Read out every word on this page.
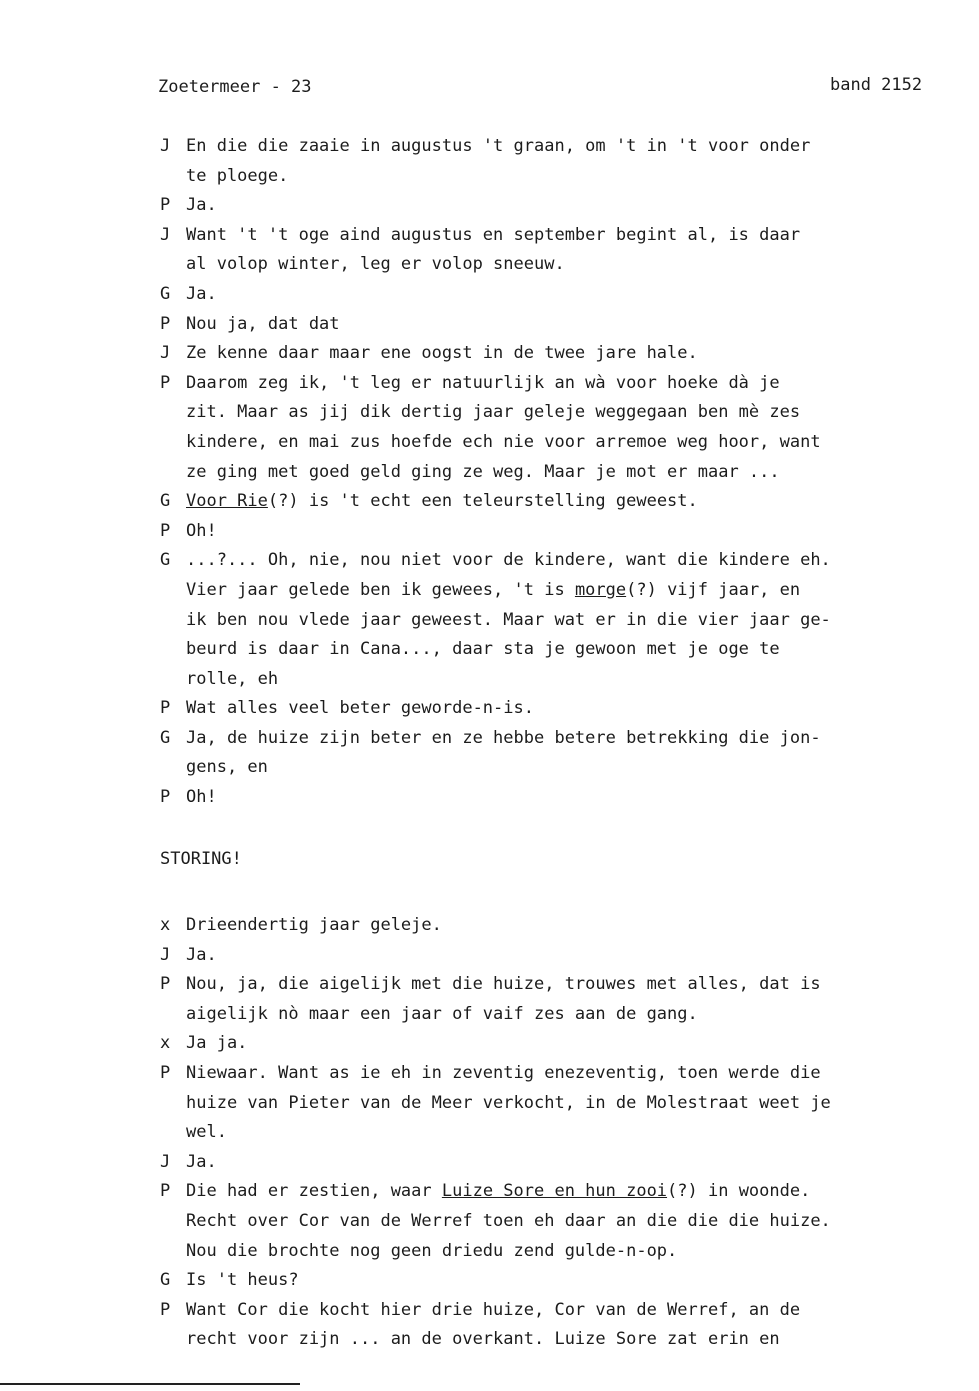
Zoetermeer - 23	band 2152
J En die die zaaie in augustus 't graan, om 't in 't voor onder
te ploege.
P Ja.
J Want 't 't oge aind augustus en september begint al, is daar
al volop winter, leg er volop sneeuw.
G Ja.
P Nou ja, dat dat
J Ze kenne daar maar ene oogst in de twee jare hale.
P Daarom zeg ik, 't leg er natuurlijk an wà voor hoeke dà je
zit. Maar as jij dik dertig jaar geleje weggegaan ben mè zes
kindere, en mai zus hoefde ech nie voor arremoe weg hoor, want
ze ging met goed geld ging ze weg. Maar je mot er maar ...
G Voor Rie(?) is 't echt een teleurstelling geweest.
P Oh!
G ...?... Oh, nie, nou niet voor de kindere, want die kindere eh.
Vier jaar gelede ben ik gewees, 't is morge(?) vijf jaar, en
ik ben nou vlede jaar geweest. Maar wat er in die vier jaar ge-
beurd is daar in Cana..., daar sta je gewoon met je oge te
rolle, eh
P Wat alles veel beter geworde-n-is.
G Ja, de huize zijn beter en ze hebbe betere betrekking die jon-
gens, en
P Oh!
STORING!
x Drieendertig jaar geleje.
J Ja.
P Nou, ja, die aigelijk met die huize, trouwes met alles, dat is
aigelijk nò maar een jaar of vaif zes aan de gang.
x Ja ja.
P Niewaar. Want as ie eh in zeventig enezeventig, toen werde die
huize van Pieter van de Meer verkocht, in de Molestraat weet je
wel.
J Ja.
P Die had er zestien, waar Luize Sore en hun zooi(?) in woonde.
Recht over Cor van de Werref toen eh daar an die die die huize.
Nou die brochte nog geen driedu zend gulde-n-op.
G Is 't heus?
P Want Cor die kocht hier drie huize, Cor van de Werref, an de
recht voor zijn ... an de overkant. Luize Sore zat erin en
